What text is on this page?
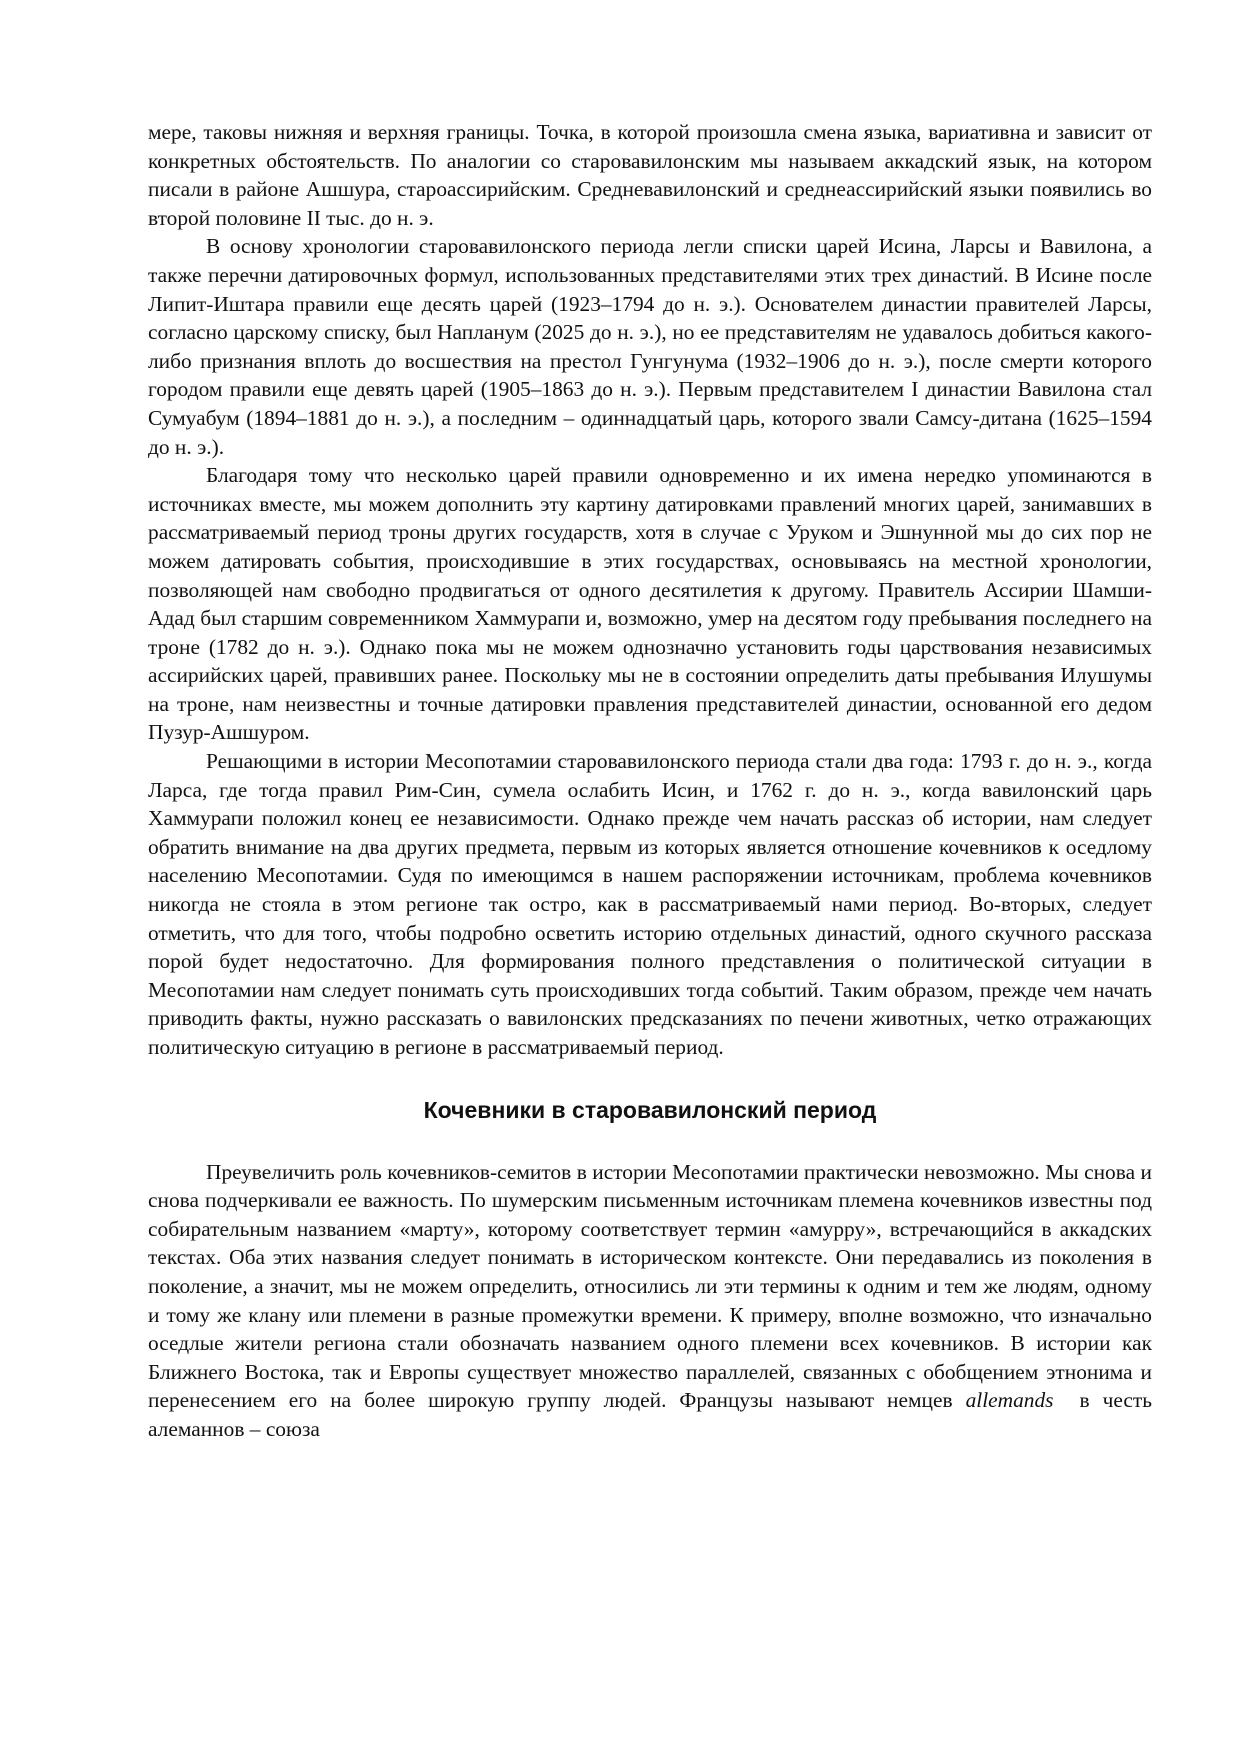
мере, таковы нижняя и верхняя границы. Точка, в которой произошла смена языка, вариативна и зависит от конкретных обстоятельств. По аналогии со старовавилонским мы называем аккадский язык, на котором писали в районе Ашшура, староассирийским. Средневавилонский и среднеассирийский языки появились во второй половине II тыс. до н. э.

В основу хронологии старовавилонского периода легли списки царей Исина, Ларсы и Вавилона, а также перечни датировочных формул, использованных представителями этих трех династий. В Исине после Липит-Иштара правили еще десять царей (1923–1794 до н. э.). Основателем династии правителей Ларсы, согласно царскому списку, был Напланум (2025 до н. э.), но ее представителям не удавалось добиться какого-либо признания вплоть до восшествия на престол Гунгунума (1932–1906 до н. э.), после смерти которого городом правили еще девять царей (1905–1863 до н. э.). Первым представителем I династии Вавилона стал Сумуабум (1894–1881 до н. э.), а последним – одиннадцатый царь, которого звали Самсу-дитана (1625–1594 до н. э.).

Благодаря тому что несколько царей правили одновременно и их имена нередко упоминаются в источниках вместе, мы можем дополнить эту картину датировками правлений многих царей, занимавших в рассматриваемый период троны других государств, хотя в случае с Уруком и Эшнунной мы до сих пор не можем датировать события, происходившие в этих государствах, основываясь на местной хронологии, позволяющей нам свободно продвигаться от одного десятилетия к другому. Правитель Ассирии Шамши-Адад был старшим современником Хаммурапи и, возможно, умер на десятом году пребывания последнего на троне (1782 до н. э.). Однако пока мы не можем однозначно установить годы царствования независимых ассирийских царей, правивших ранее. Поскольку мы не в состоянии определить даты пребывания Илушумы на троне, нам неизвестны и точные датировки правления представителей династии, основанной его дедом Пузур-Ашшуром.

Решающими в истории Месопотамии старовавилонского периода стали два года: 1793 г. до н. э., когда Ларса, где тогда правил Рим-Син, сумела ослабить Исин, и 1762 г. до н. э., когда вавилонский царь Хаммурапи положил конец ее независимости. Однако прежде чем начать рассказ об истории, нам следует обратить внимание на два других предмета, первым из которых является отношение кочевников к оседлому населению Месопотамии. Судя по имеющимся в нашем распоряжении источникам, проблема кочевников никогда не стояла в этом регионе так остро, как в рассматриваемый нами период. Во-вторых, следует отметить, что для того, чтобы подробно осветить историю отдельных династий, одного скучного рассказа порой будет недостаточно. Для формирования полного представления о политической ситуации в Месопотамии нам следует понимать суть происходивших тогда событий. Таким образом, прежде чем начать приводить факты, нужно рассказать о вавилонских предсказаниях по печени животных, четко отражающих политическую ситуацию в регионе в рассматриваемый период.

Кочевники в старовавилонский период

Преувеличить роль кочевников-семитов в истории Месопотамии практически невозможно. Мы снова и снова подчеркивали ее важность. По шумерским письменным источникам племена кочевников известны под собирательным названием «марту», которому соответствует термин «амурру», встречающийся в аккадских текстах. Оба этих названия следует понимать в историческом контексте. Они передавались из поколения в поколение, а значит, мы не можем определить, относились ли эти термины к одним и тем же людям, одному и тому же клану или племени в разные промежутки времени. К примеру, вполне возможно, что изначально оседлые жители региона стали обозначать названием одного племени всех кочевников. В истории как Ближнего Востока, так и Европы существует множество параллелей, связанных с обобщением этнонима и перенесением его на более широкую группу людей. Французы называют немцев allemands  в честь алеманнов – союза
